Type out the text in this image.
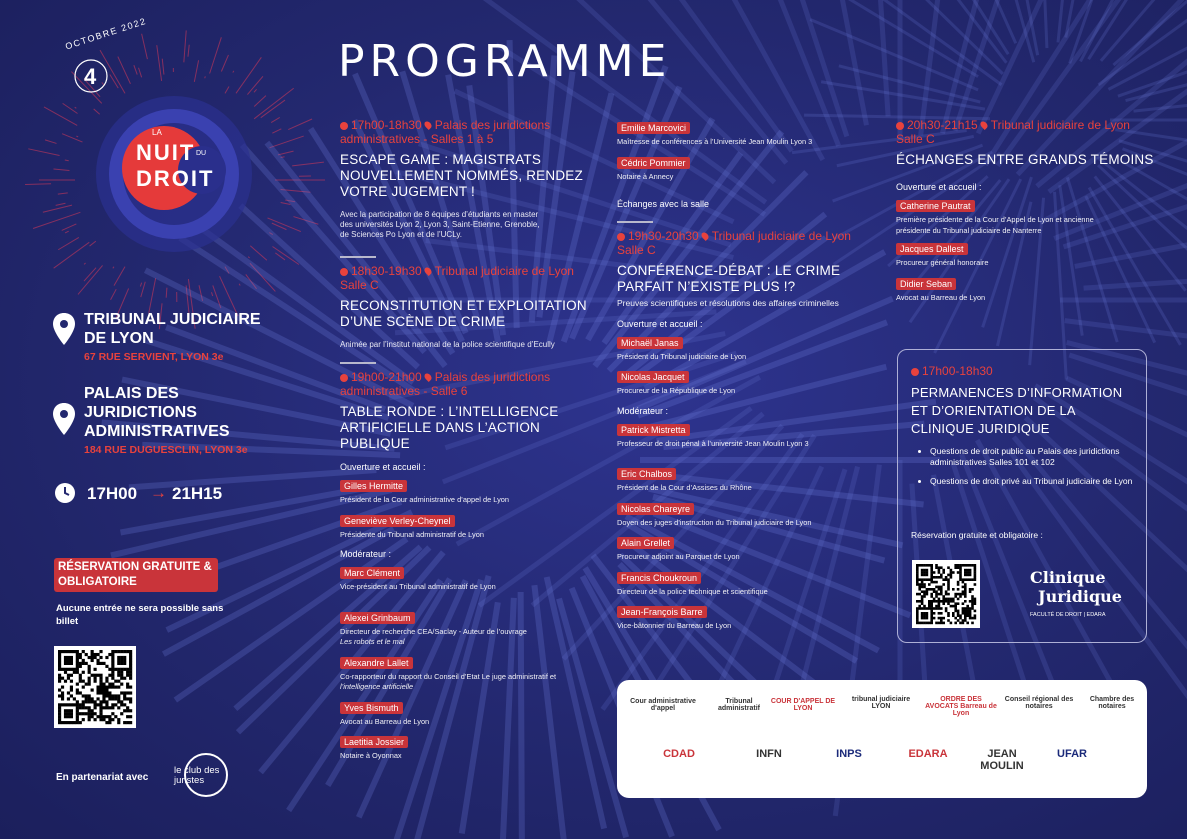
OCTOBRE 2022
4
LA
NUIT DU
DROIT
TRIBUNAL JUDICIAIRE DE LYON
67 RUE SERVIENT, LYON 3e
PALAIS DES JURIDICTIONS ADMINISTRATIVES
184 RUE DUGUESCLIN, LYON 3e
17H00 → 21H15
RÉSERVATION GRATUITE & OBLIGATOIRE
Aucune entrée ne sera possible sans billet
En partenariat avec
le club des juristes
PROGRAMME
17h00-18h30 Palais des juridictions administratives - Salles 1 à 5
ESCAPE GAME : MAGISTRATS NOUVELLEMENT NOMMÉS, RENDEZ VOTRE JUGEMENT !
Avec la participation de 8 équipes d’étudiants en master des universités Lyon 2, Lyon 3, Saint-Etienne, Grenoble, de Sciences Po Lyon et de l’UCLy.
18h30-19h30 Tribunal judiciaire de Lyon Salle C
RECONSTITUTION ET EXPLOITATION D’UNE SCÈNE DE CRIME
Animée par l’institut national de la police scientifique d’Ecully
19h00-21h00 Palais des juridictions administratives - Salle 6
TABLE RONDE : L’INTELLIGENCE ARTIFICIELLE DANS L’ACTION PUBLIQUE
Ouverture et accueil :
Gilles Hermitte
Président de la Cour administrative d’appel de Lyon
Geneviève Verley-Cheynel
Présidente du Tribunal administratif de Lyon
Modérateur :
Marc Clément
Vice-président au Tribunal administratif de Lyon
Alexei Grinbaum
Directeur de recherche CEA/Saclay - Auteur de l’ouvrage
Les robots et le mal
Alexandre Lallet
Co-rapporteur du rapport du Conseil d’Etat Le juge administratif et
l’intelligence artificielle
Yves Bismuth
Avocat au Barreau de Lyon
Laetitia Jossier
Notaire à Oyonnax
Emilie Marcovici
Maîtresse de conférences à l’Université Jean Moulin Lyon 3
Cédric Pommier
Notaire à Annecy
Échanges avec la salle
19h30-20h30 Tribunal judiciaire de Lyon Salle C
CONFÉRENCE-DÉBAT : LE CRIME PARFAIT N’EXISTE PLUS !?
Preuves scientifiques et résolutions des affaires criminelles
Ouverture et accueil :
Michaël Janas
Président du Tribunal judiciaire de Lyon
Nicolas Jacquet
Procureur de la République de Lyon
Modérateur :
Patrick Mistretta
Professeur de droit pénal à l’université Jean Moulin Lyon 3
Eric Chalbos
Président de la Cour d’Assises du Rhône
Nicolas Chareyre
Doyen des juges d’instruction du Tribunal judiciaire de Lyon
Alain Grellet
Procureur adjoint au Parquet de Lyon
Francis Choukroun
Directeur de la police technique et scientifique
Jean-François Barre
Vice-bâtonnier du Barreau de Lyon
20h30-21h15 Tribunal judiciaire de Lyon Salle C
ÉCHANGES ENTRE GRANDS TÉMOINS
Ouverture et accueil :
Catherine Pautrat
Première présidente de la Cour d’Appel de Lyon et ancienne
présidente du Tribunal judiciaire de Nanterre
Jacques Dallest
Procureur général honoraire
Didier Seban
Avocat au Barreau de Lyon
17h00-18h30
PERMANENCES D’INFORMATION ET D’ORIENTATION DE LA CLINIQUE JURIDIQUE
• Questions de droit public au Palais des juridictions administratives Salles 101 et 102
• Questions de droit privé au Tribunal judiciaire de Lyon
Réservation gratuite et obligatoire :
Clinique
Juridique
FACULTÉ DE DROIT | EDARA
Cour administrative d'appel
Tribunal administratif
COUR D'APPEL DE LYON
tribunal judiciaire LYON
ORDRE DES AVOCATS Barreau de Lyon
Conseil régional des notaires
Chambre des notaires
CDAD	INFN	INPS	EDARA	JEAN MOULIN
UFAR
